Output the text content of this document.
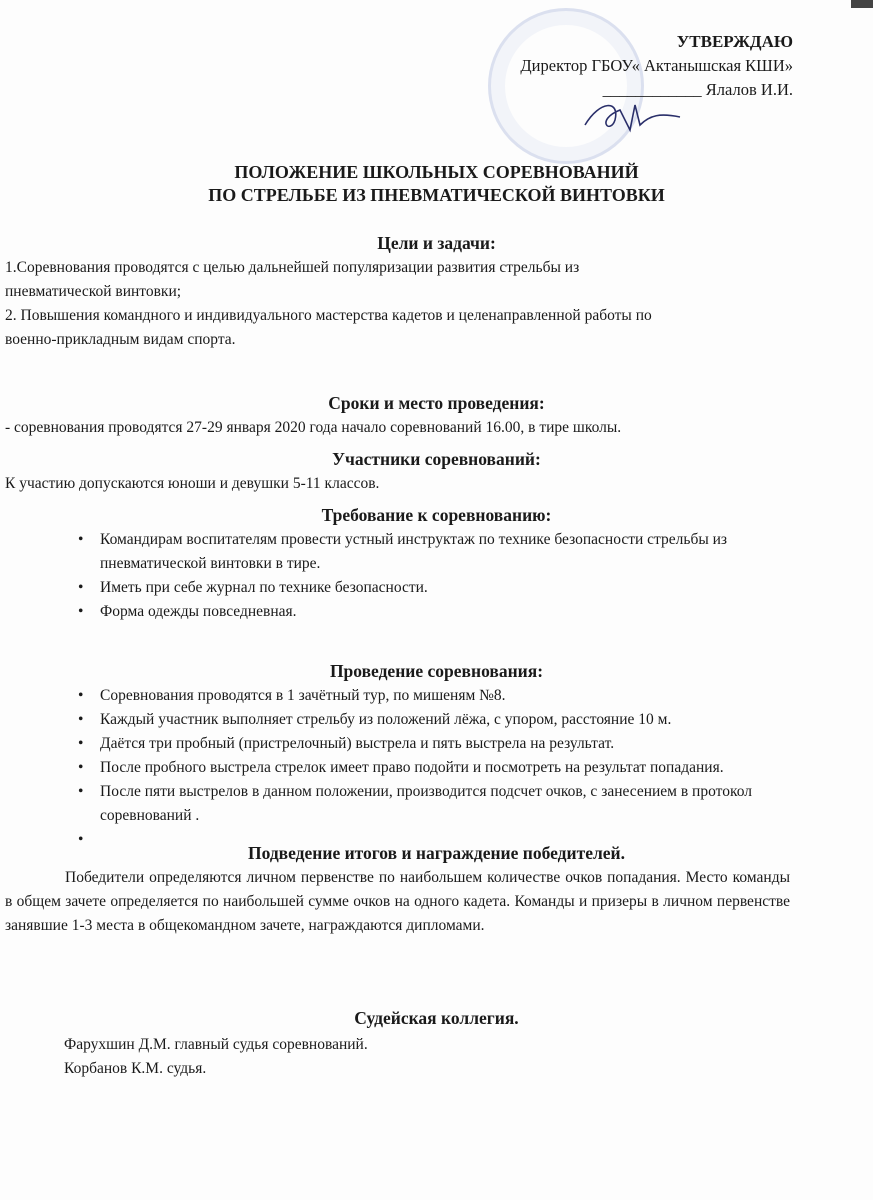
УТВЕРЖДАЮ
Директор ГБОУ« Актанышская КШИ»
____________ Ялалов И.И.
ПОЛОЖЕНИЕ ШКОЛЬНЫХ СОРЕВНОВАНИЙ
ПО СТРЕЛЬБЕ ИЗ ПНЕВМАТИЧЕСКОЙ ВИНТОВКИ
Цели и задачи:
1.Соревнования проводятся с целью дальнейшей популяризации развития стрельбы из
пневматической винтовки;
2. Повышения командного и индивидуального мастерства кадетов и целенаправленной работы по
военно-прикладным видам спорта.
Сроки и место проведения:
- соревнования проводятся 27-29 января 2020 года начало соревнований 16.00, в тире школы.
Участники соревнований:
К участию допускаются юноши и девушки 5-11 классов.
Требование к соревнованию:
• Командирам воспитателям провести устный инструктаж по технике безопасности стрельбы из пневматической винтовки в тире.
• Иметь при себе журнал по технике безопасности.
• Форма одежды повседневная.
Проведение соревнования:
• Соревнования проводятся в 1 зачётный тур, по мишеням №8.
• Каждый участник выполняет стрельбу из положений лёжа, с упором, расстояние 10 м.
• Даётся три пробный (пристрелочный) выстрела и пять выстрела на результат.
• После пробного выстрела стрелок имеет право подойти и посмотреть на результат попадания.
• После пяти выстрелов в данном положении, производится подсчет очков, с занесением в протокол соревнований .
•
Подведение итогов и награждение победителей.
Победители определяются личном первенстве по наибольшем количестве очков попадания. Место команды в общем зачете определяется по наибольшей сумме очков на одного кадета. Команды и призеры в личном первенстве занявшие 1-3 места в общекомандном зачете, награждаются дипломами.
Судейская коллегия.
Фарухшин Д.М. главный судья соревнований.
Корбанов К.М. судья.
